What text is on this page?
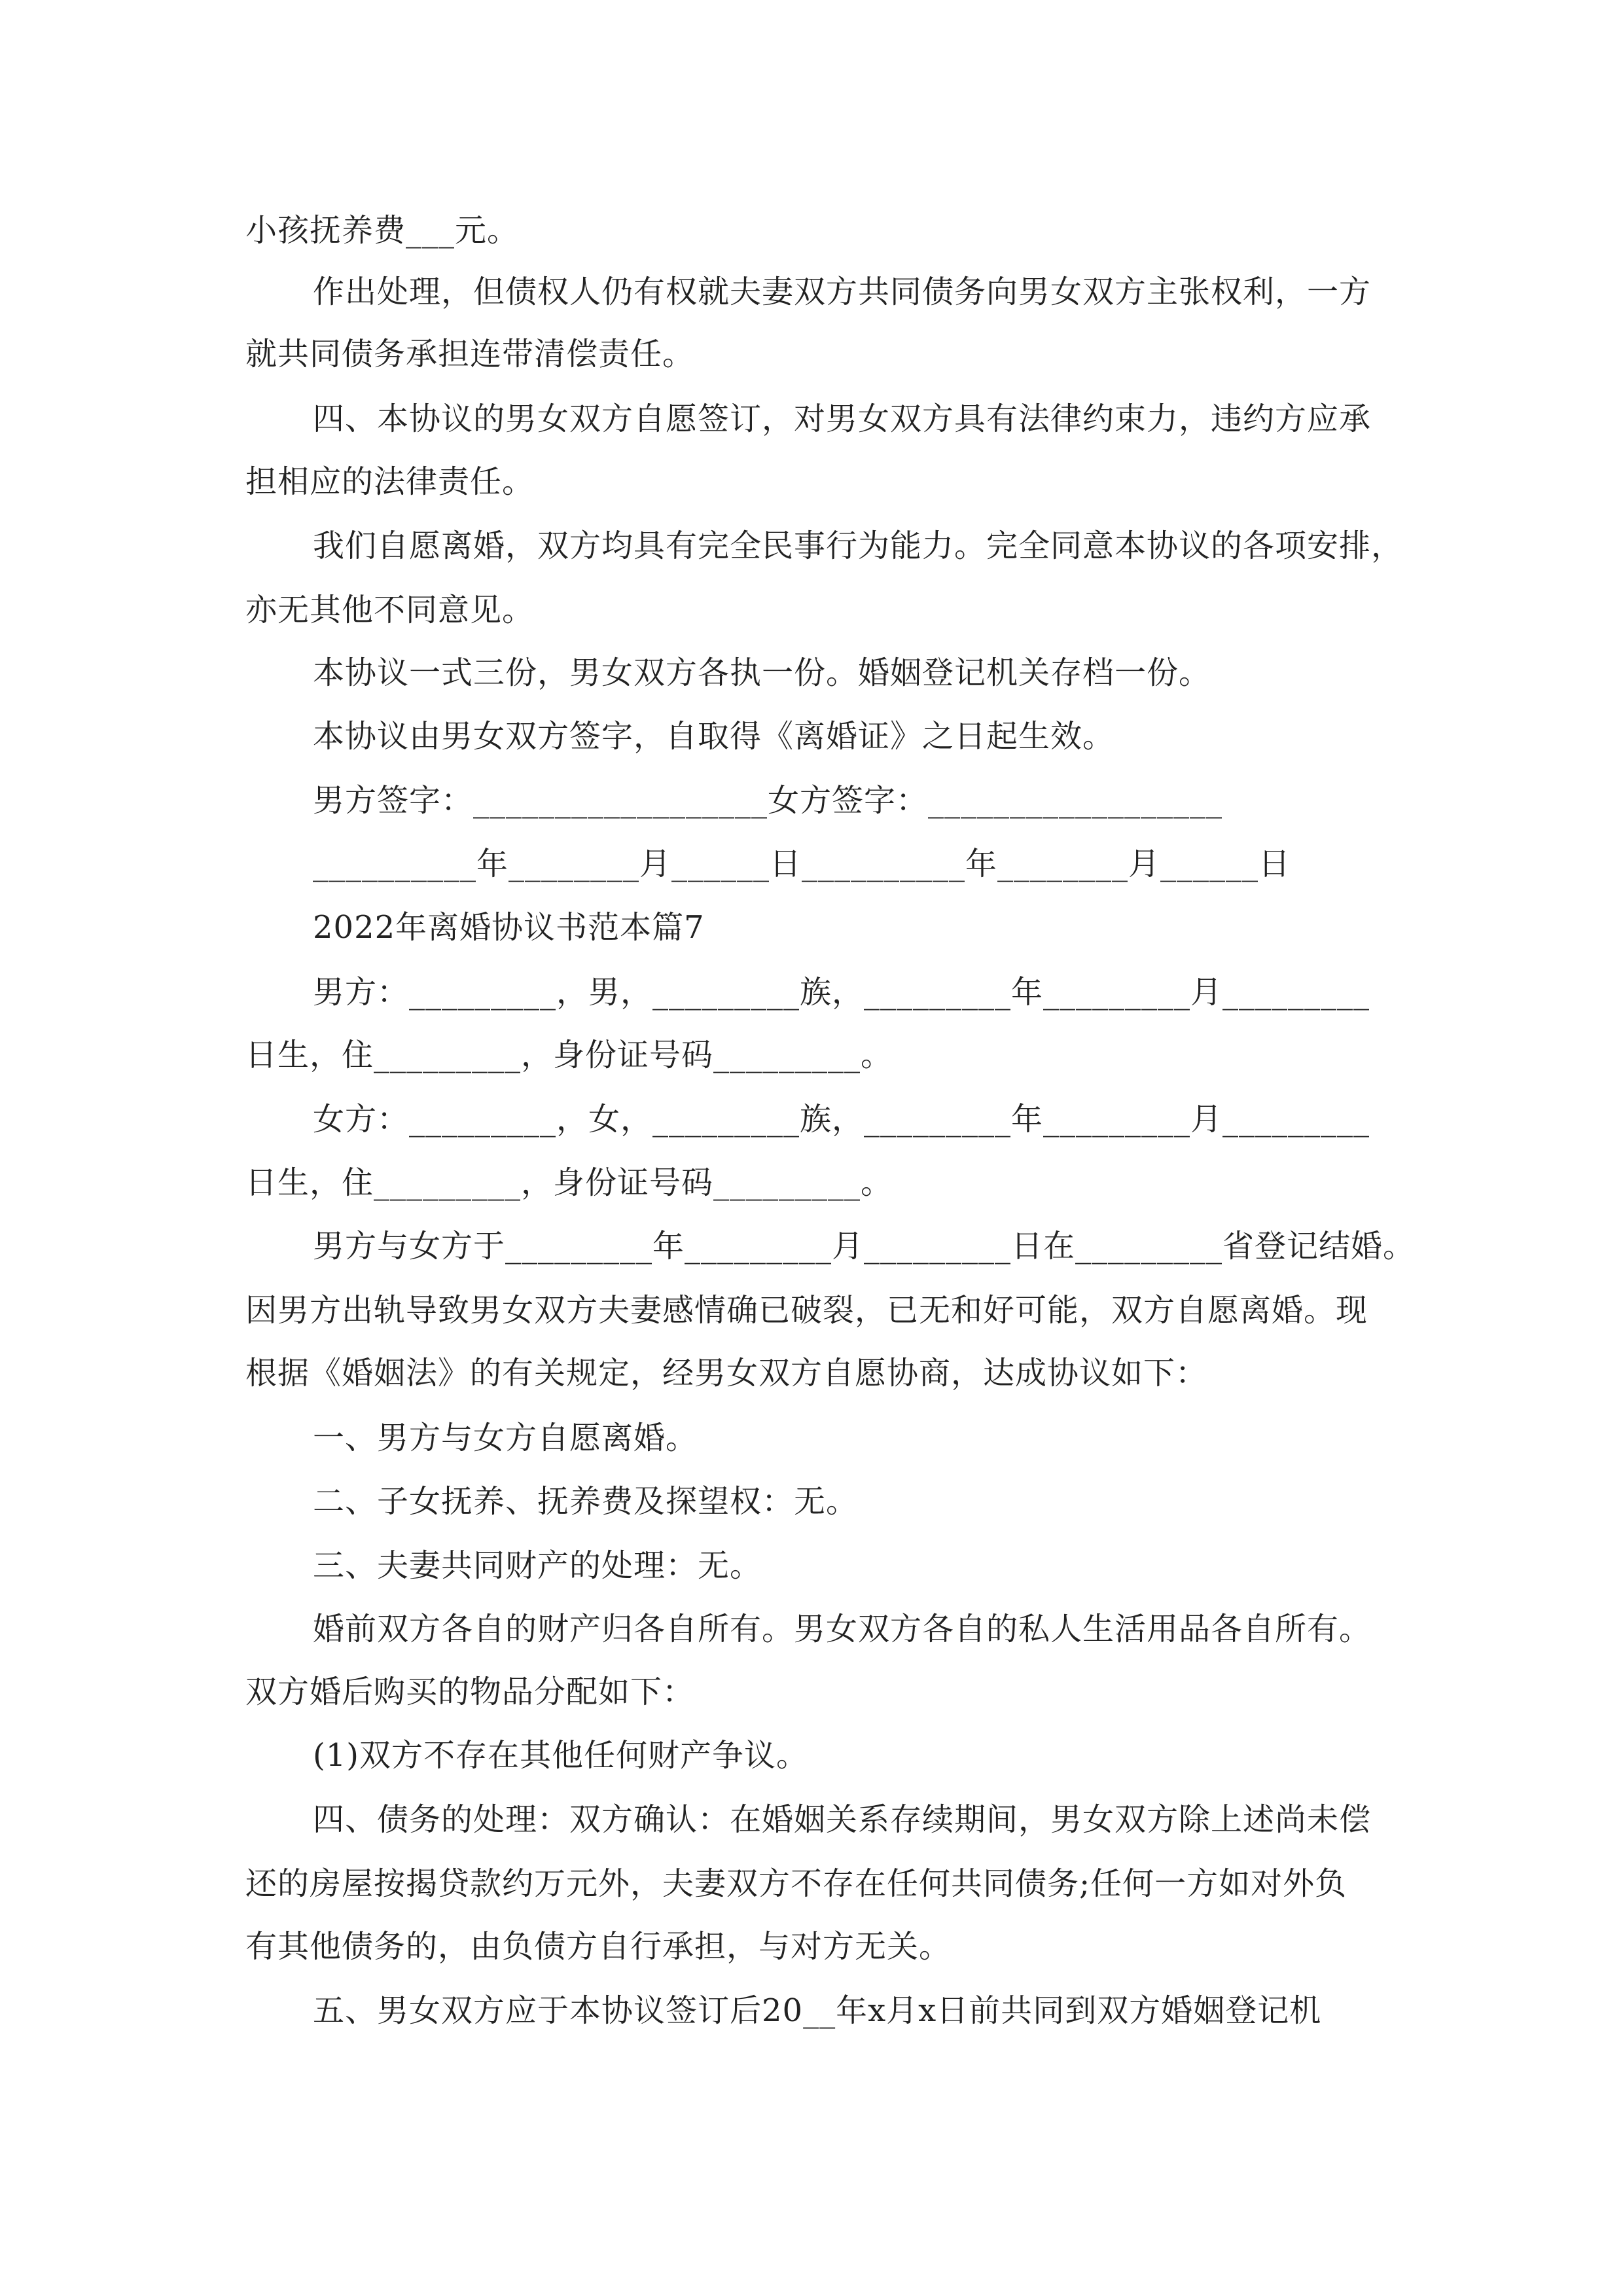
小孩抚养费___元。
作出处理，但债权人仍有权就夫妻双方共同债务向男女双方主张权利，一方
就共同债务承担连带清偿责任。
四、本协议的男女双方自愿签订，对男女双方具有法律约束力，违约方应承
担相应的法律责任。
我们自愿离婚，双方均具有完全民事行为能力。完全同意本协议的各项安排，
亦无其他不同意见。
本协议一式三份，男女双方各执一份。婚姻登记机关存档一份。
本协议由男女双方签字，自取得《离婚证》之日起生效。
男方签字：__________________女方签字：__________________
__________年________月______日__________年________月______日
2022年离婚协议书范本篇7
男方：_________，男，_________族，_________年_________月_________
日生，住_________，身份证号码_________。
女方：_________，女，_________族，_________年_________月_________
日生，住_________，身份证号码_________。
男方与女方于_________年_________月_________日在_________省登记结婚。
因男方出轨导致男女双方夫妻感情确已破裂，已无和好可能，双方自愿离婚。现
根据《婚姻法》的有关规定，经男女双方自愿协商，达成协议如下：
一、男方与女方自愿离婚。
二、子女抚养、抚养费及探望权：无。
三、夫妻共同财产的处理：无。
婚前双方各自的财产归各自所有。男女双方各自的私人生活用品各自所有。
双方婚后购买的物品分配如下：
(1)双方不存在其他任何财产争议。
四、债务的处理：双方确认：在婚姻关系存续期间，男女双方除上述尚未偿
还的房屋按揭贷款约万元外，夫妻双方不存在任何共同债务;任何一方如对外负
有其他债务的，由负债方自行承担，与对方无关。
五、男女双方应于本协议签订后20__年x月x日前共同到双方婚姻登记机
